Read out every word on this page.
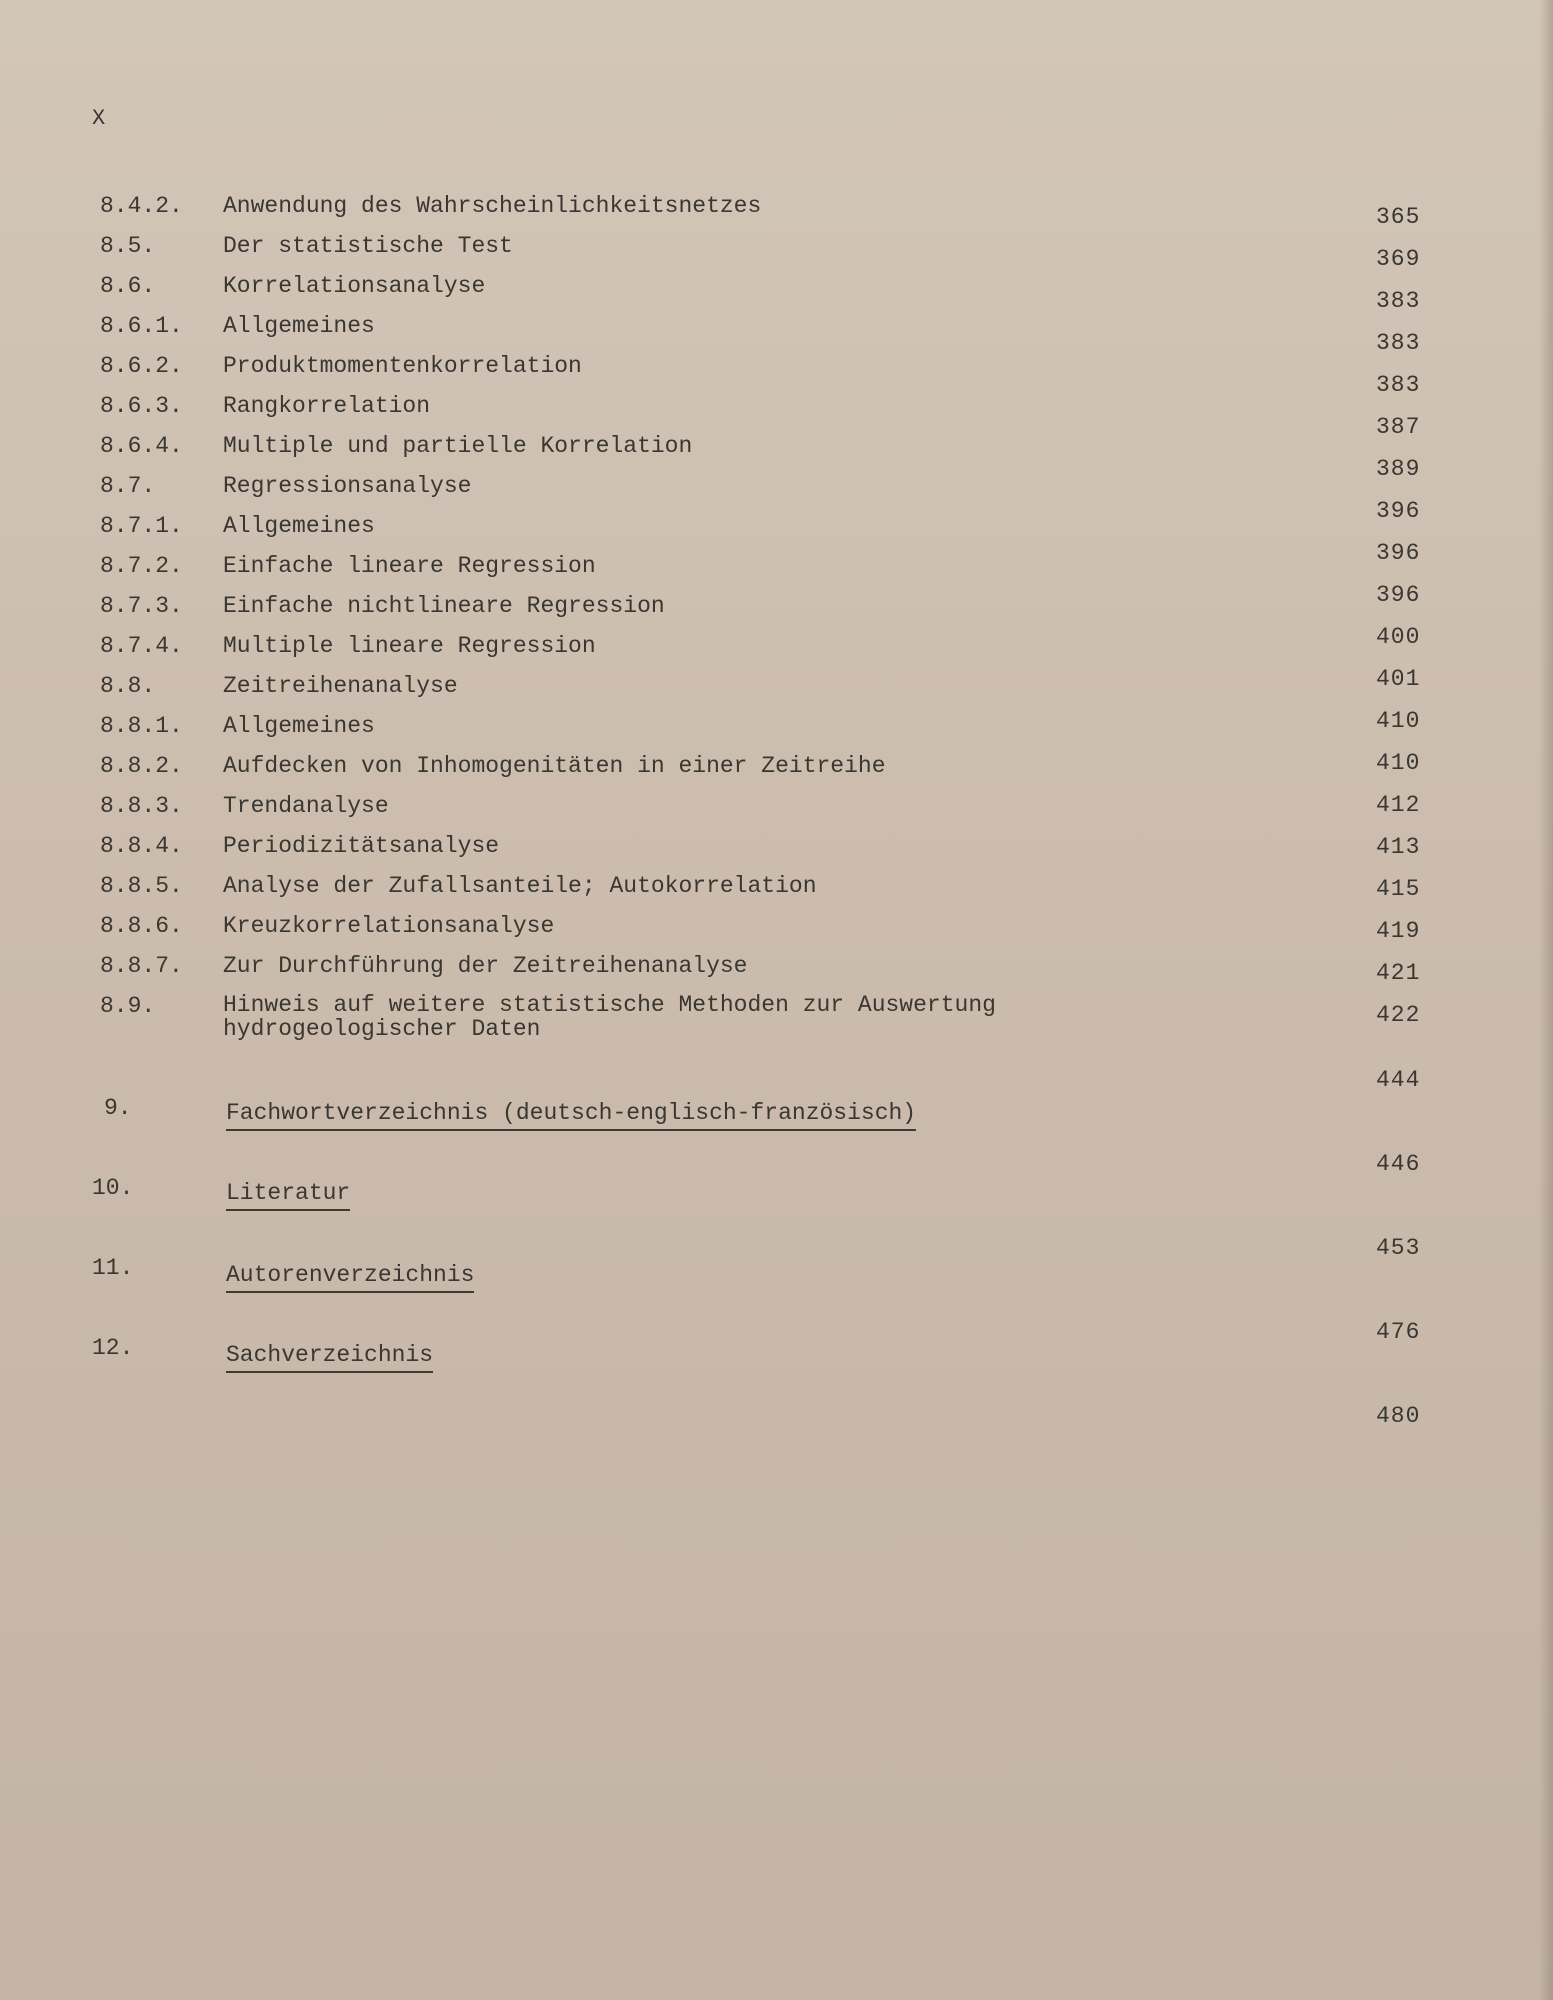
X
8.4.2.
8.5.
8.6.
8.6.1.
8.6.2.
8.6.3.
8.6.4.
8.7.
8.7.1.
8.7.2.
8.7.3.
8.7.4.
8.8.
8.8.1.
8.8.2.
8.8.3.
8.8.4.
8.8.5.
8.8.6.
8.8.7.
8.9.
9.
10.
11.
12.
Anwendung des Wahrscheinlichkeitsnetzes
Der statistische Test
Korrelationsanalyse
Allgemeines
Produktmomentenkorrelation
Rangkorrelation
Multiple und partielle Korrelation
Regressionsanalyse
Allgemeines
Einfache lineare Regression
Einfache nichtlineare Regression
Multiple lineare Regression
Zeitreihenanalyse
Allgemeines
Aufdecken von Inhomogenitäten in einer Zeitreihe
Trendanalyse
Periodizitätsanalyse
Analyse der Zufallsanteile; Autokorrelation
Kreuzkorrelationsanalyse
Zur Durchführung der Zeitreihenanalyse
Hinweis auf weitere statistische Methoden zur Auswertung hydrogeologischer Daten
Fachwortverzeichnis (deutsch-englisch-französisch)
Literatur
Autorenverzeichnis
Sachverzeichnis
365
369
383
383
383
387
389
396
396
396
400
401
410
410
412
413
415
419
421
422
444
446
453
476
480
